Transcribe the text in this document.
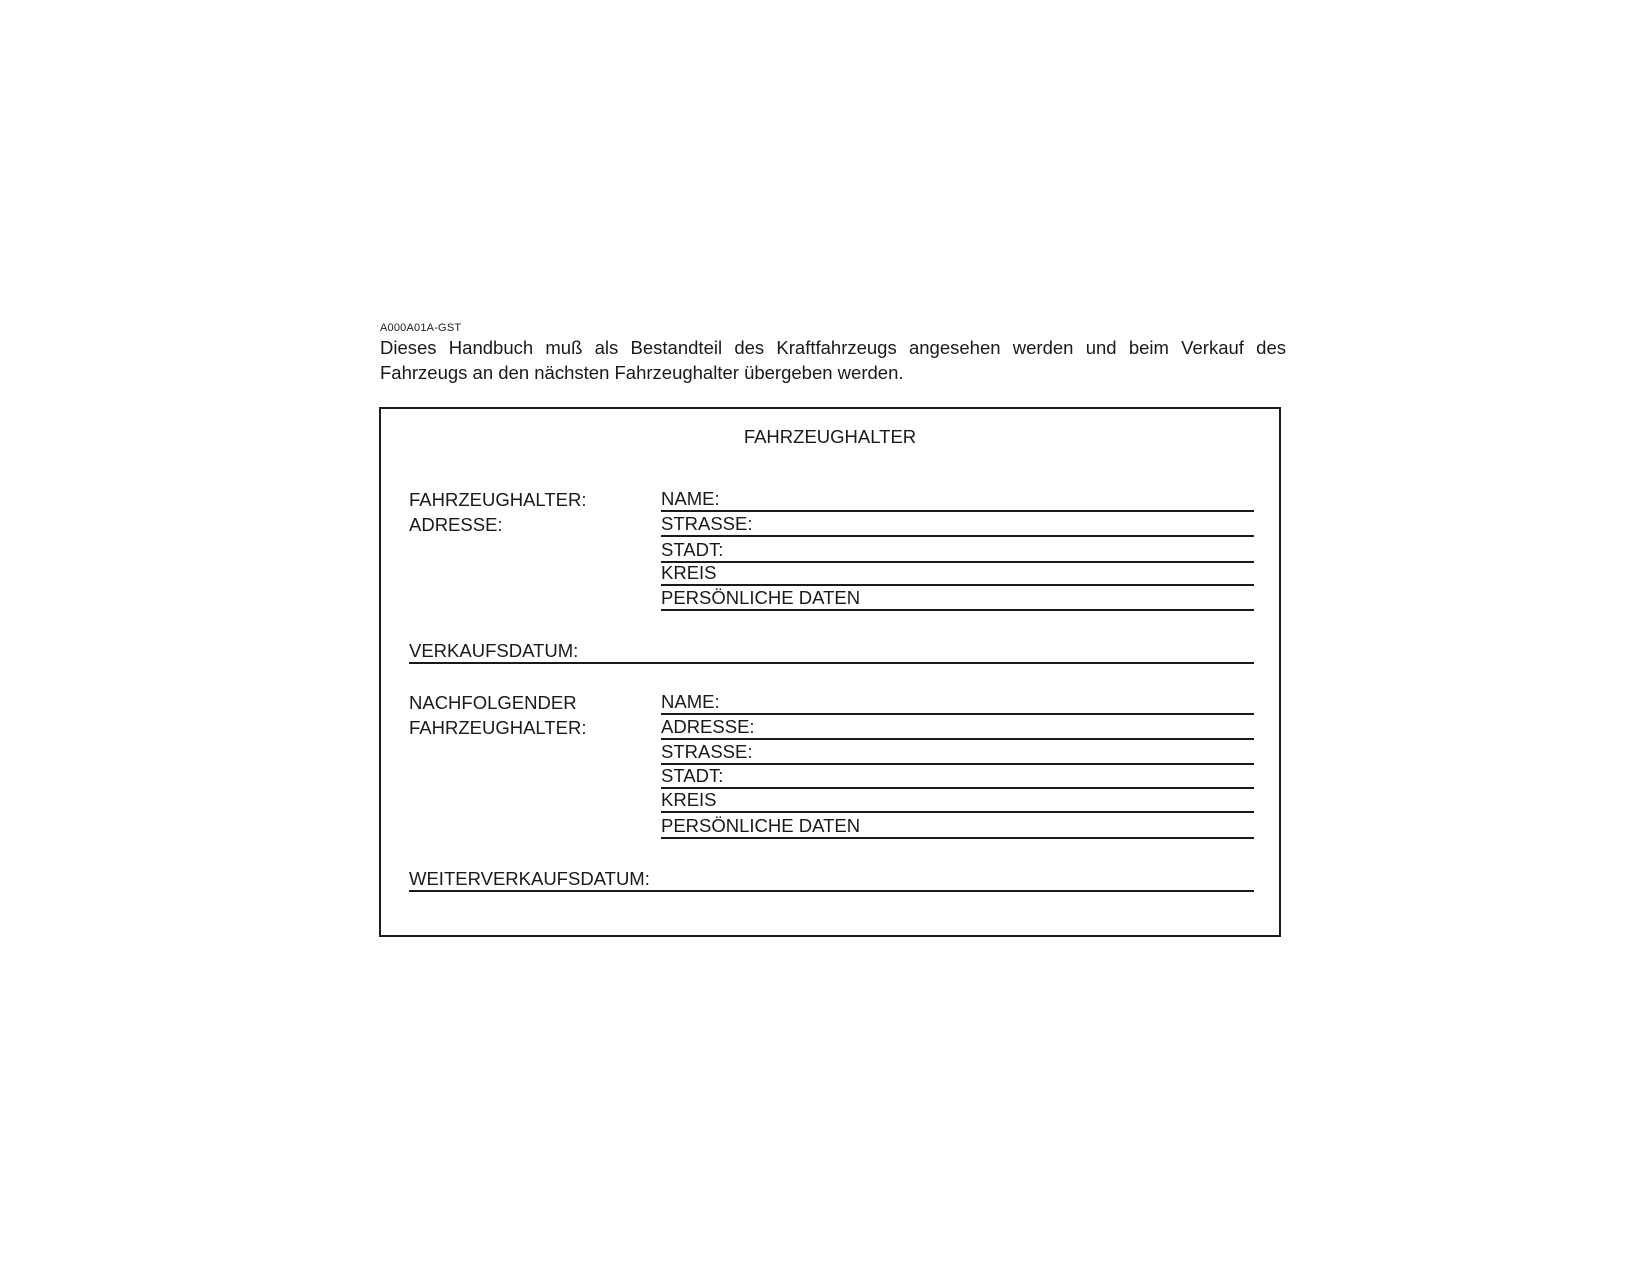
A000A01A-GST

Dieses Handbuch muß als Bestandteil des Kraftfahrzeugs angesehen werden und beim Verkauf des Fahrzeugs an den nächsten Fahrzeughalter übergeben werden.

FAHRZEUGHALTER
FAHRZEUGHALTER:
ADRESSE:
NAME:
STRASSE:
STADT:
KREIS
PERSÖNLICHE DATEN
VERKAUFSDATUM:
NACHFOLGENDER
FAHRZEUGHALTER:
NAME:
ADRESSE:
STRASSE:
STADT:
KREIS
PERSÖNLICHE DATEN
WEITERVERKAUFSDATUM:
